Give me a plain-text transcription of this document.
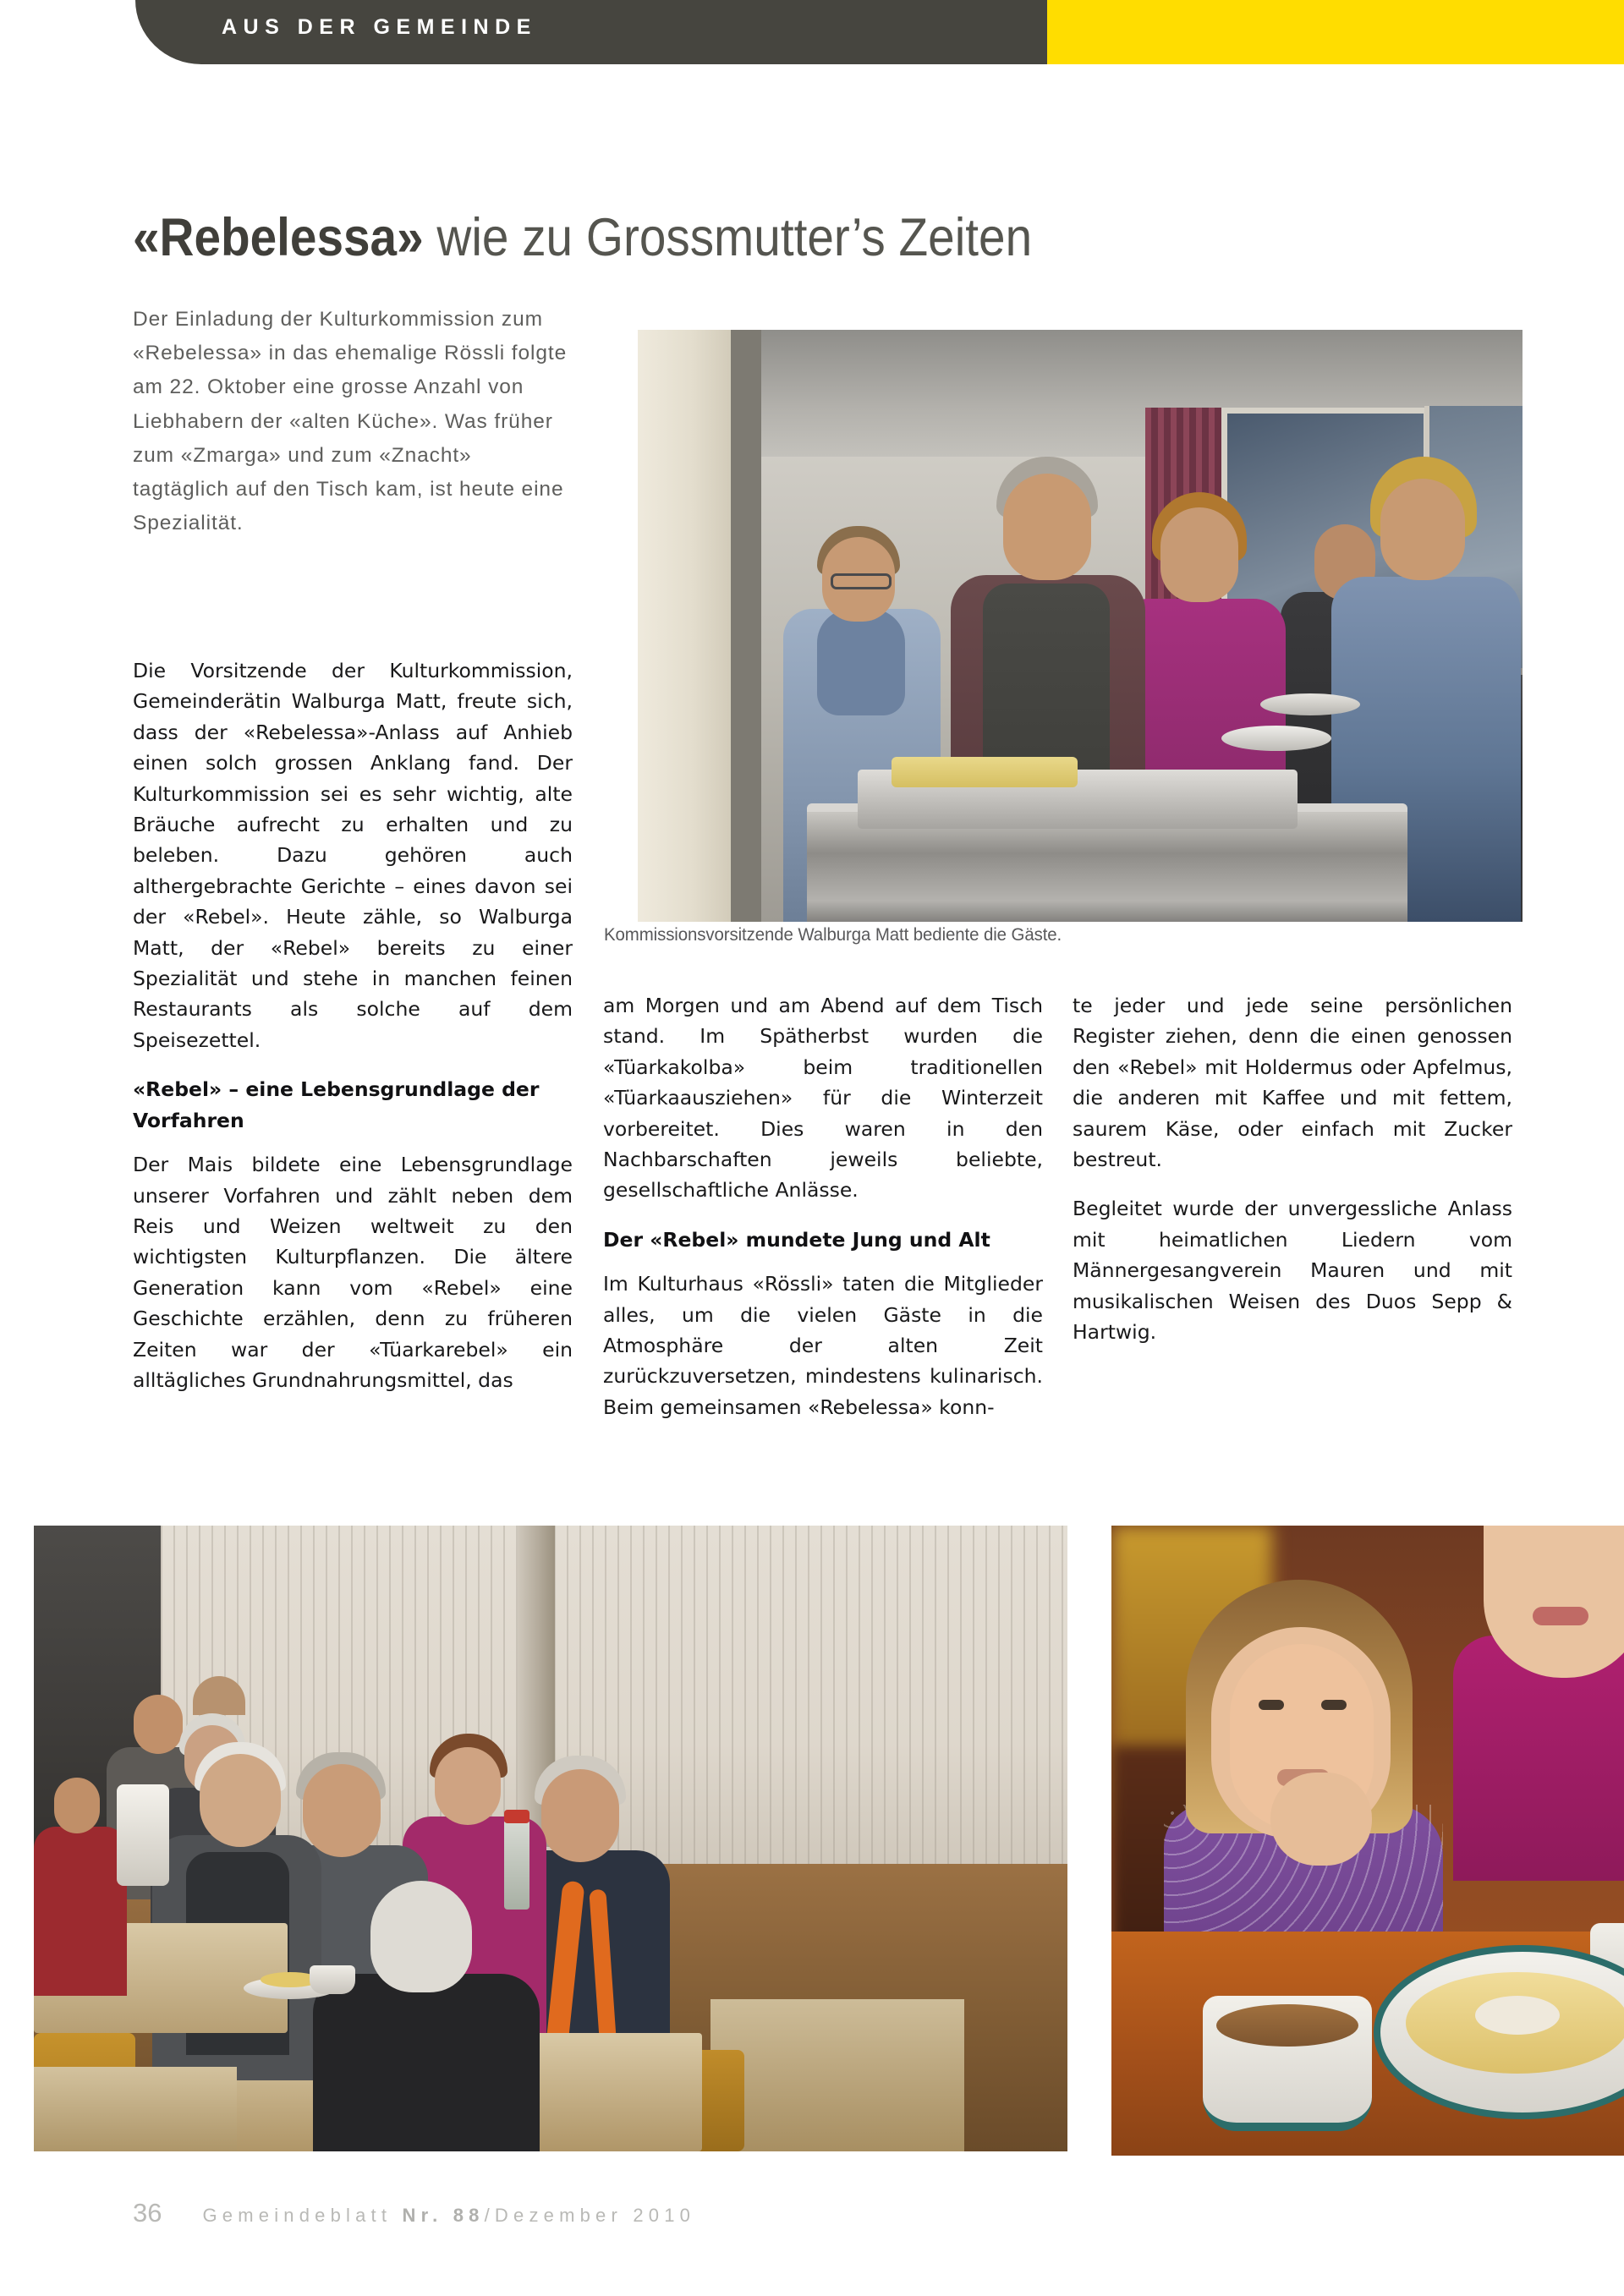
AUS DER GEMEINDE
«Rebelessa» wie zu Grossmutter’s Zeiten

Der Einladung der Kulturkommission zum «Rebelessa» in das ehemalige Rössli folgte am 22. Oktober eine grosse Anzahl von Liebhabern der «alten Küche». Was früher zum «Zmarga» und zum «Znacht» tagtäglich auf den Tisch kam, ist heute eine Spezialität.

Kommissionsvorsitzende Walburga Matt bediente die Gäste.

Die Vorsitzende der Kulturkommission, Gemeinderätin Walburga Matt, freute sich, dass der «Rebelessa»-Anlass auf Anhieb einen solch grossen Anklang fand. Der Kulturkommission sei es sehr wichtig, alte Bräuche aufrecht zu erhalten und zu beleben. Dazu gehören auch althergebrachte Gerichte – eines davon sei der «Rebel». Heute zähle, so Walburga Matt, der «Rebel» bereits zu einer Spezialität und stehe in manchen feinen Restaurants als solche auf dem Speisezettel.

«Rebel» – eine Lebensgrundlage der Vorfahren

Der Mais bildete eine Lebensgrundlage unserer Vorfahren und zählt neben dem Reis und Weizen weltweit zu den wichtigsten Kulturpflanzen. Die ältere Generation kann vom «Rebel» eine Geschichte erzählen, denn zu früheren Zeiten war der «Tüarkarebel» ein alltägliches Grundnahrungsmittel, das

am Morgen und am Abend auf dem Tisch stand. Im Spätherbst wurden die «Tüarkakolba» beim traditionellen «Tüarkaausziehen» für die Winterzeit vorbereitet. Dies waren in den Nachbarschaften jeweils beliebte, gesellschaftliche Anlässe.

Der «Rebel» mundete Jung und Alt

Im Kulturhaus «Rössli» taten die Mitglieder alles, um die vielen Gäste in die Atmosphäre der alten Zeit zurückzuversetzen, mindestens kulinarisch. Beim gemeinsamen «Rebelessa» konn-

te jeder und jede seine persönlichen Register ziehen, denn die einen genossen den «Rebel» mit Holdermus oder Apfelmus, die anderen mit Kaffee und mit fettem, saurem Käse, oder einfach mit Zucker bestreut.

Begleitet wurde der unvergessliche Anlass mit heimatlichen Liedern vom Männergesangverein Mauren und mit musikalischen Weisen des Duos Sepp & Hartwig.

36 Gemeindeblatt Nr. 88/Dezember 2010
